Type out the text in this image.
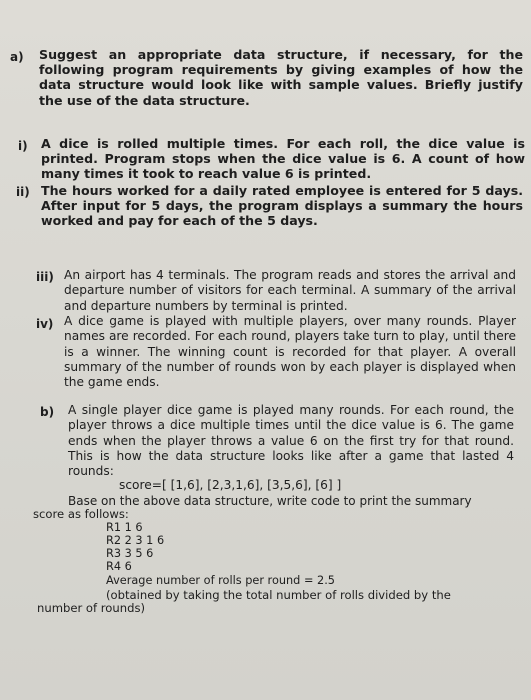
a) Suggest an appropriate data structure, if necessary, for the following program requirements by giving examples of how the data structure would look like with sample values. Briefly justify the use of the data structure.
i) A dice is rolled multiple times. For each roll, the dice value is printed. Program stops when the dice value is 6. A count of how many times it took to reach value 6 is printed.
ii) The hours worked for a daily rated employee is entered for 5 days. After input for 5 days, the program displays a summary the hours worked and pay for each of the 5 days.
iii) An airport has 4 terminals. The program reads and stores the arrival and departure number of visitors for each terminal. A summary of the arrival and departure numbers by terminal is printed.
iv) A dice game is played with multiple players, over many rounds. Player names are recorded. For each round, players take turn to play, until there is a winner. The winning count is recorded for that player. A overall summary of the number of rounds won by each player is displayed when the game ends.
b) A single player dice game is played many rounds. For each round, the player throws a dice multiple times until the dice value is 6. The game ends when the player throws a value 6 on the first try for that round. This is how the data structure looks like after a game that lasted 4 rounds:
score=[ [1,6], [2,3,1,6], [3,5,6], [6] ]
Base on the above data structure, write code to print the summary
score as follows:
R1 1 6
R2 2 3 1 6
R3 3 5 6
R4 6
Average number of rolls per round = 2.5
(obtained by taking the total number of rolls divided by the
number of rounds)
